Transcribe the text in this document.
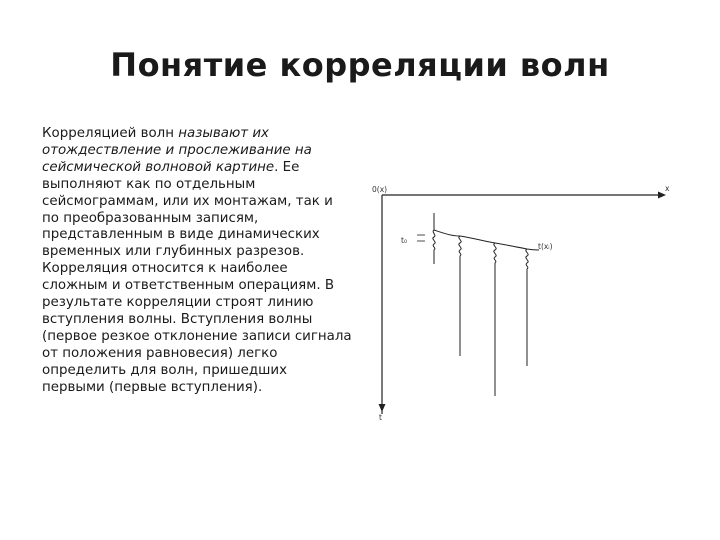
Понятие корреляции волн
Корреляцией волн называют их отождествление и прослеживание на сейсмической волновой картине. Ее выполняют как по отдельным сейсмограммам, или их монтажам, так и по преобразованным записям, представленным в виде динамических временных или глубинных разрезов. Корреляция относится к наиболее сложным и ответственным операциям. В результате корреляции строят линию вступления волны. Вступления волны (первое резкое отклонение записи сигнала от положения равновесия) легко определить для волн, пришедших первыми (первые вступления).
0(x)	x
t
t₀
t(xᵢ)
